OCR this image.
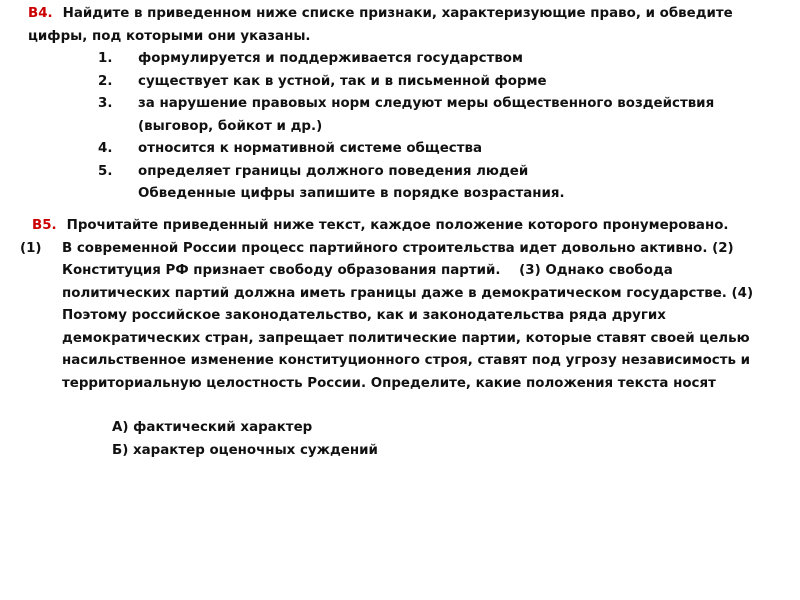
В4. Найдите в приведенном ниже списке признаки, характеризующие право, и обведите
цифры, под которыми они указаны.
1. формулируется и поддерживается государством
2. существует как в устной, так и в письменной форме
3. за нарушение правовых норм следуют меры общественного воздействия
(выговор, бойкот и др.)
4. относится к нормативной системе общества
5. определяет границы должного поведения людей
Обведенные цифры запишите в порядке возрастания.
В5. Прочитайте приведенный ниже текст, каждое положение которого пронумеровано.
(1) В современной России процесс партийного строительства идет довольно активно. (2)
Конституция РФ признает свободу образования партий.    (3) Однако свобода
политических партий должна иметь границы даже в демократическом государстве. (4)
Поэтому российское законодательство, как и законодательства ряда других
демократических стран, запрещает политические партии, которые ставят своей целью
насильственное изменение конституционного строя, ставят под угрозу независимость и
территориальную целостность России. Определите, какие положения текста носят
А) фактический характер
Б) характер оценочных суждений
